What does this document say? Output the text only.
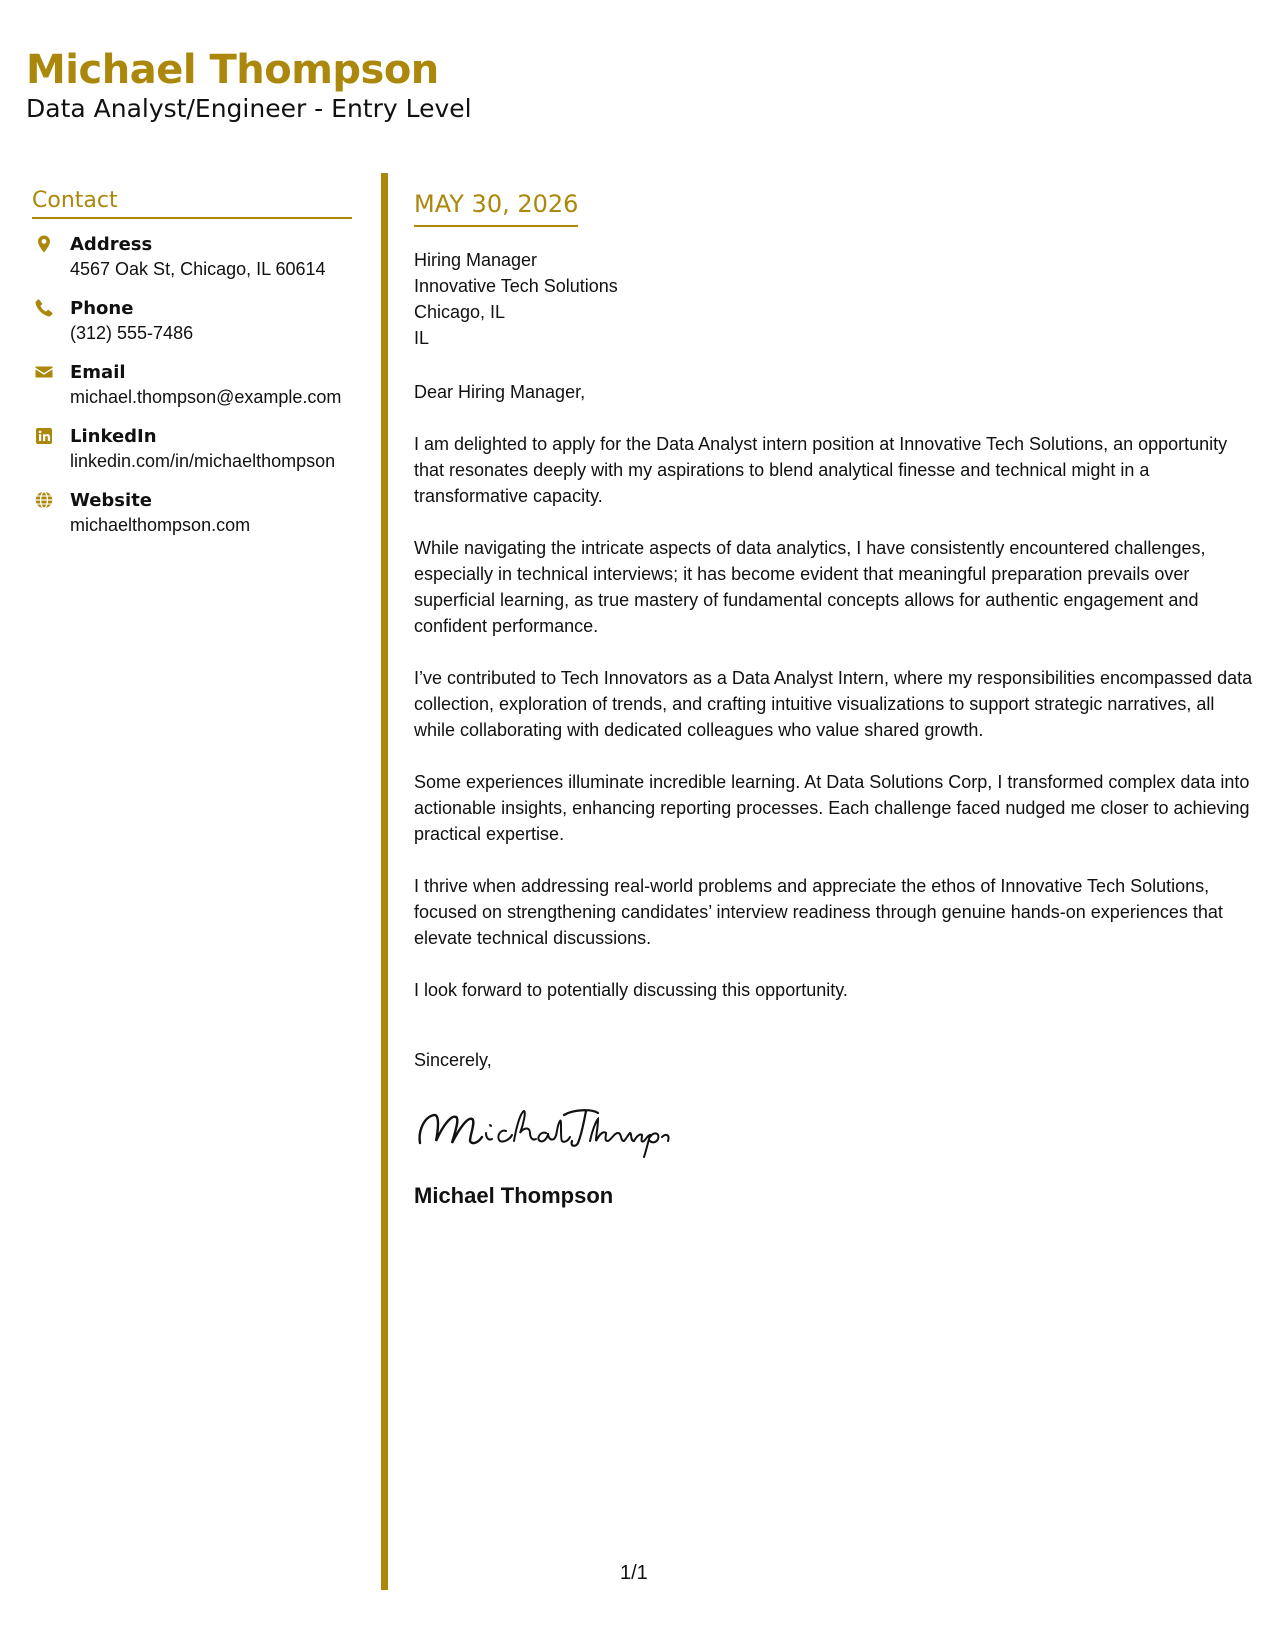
Michael Thompson
Data Analyst/Engineer - Entry Level
Contact
Address
4567 Oak St, Chicago, IL 60614
Phone
(312) 555-7486
Email
michael.thompson@example.com
LinkedIn
linkedin.com/in/michaelthompson
Website
michaelthompson.com
MAY 30, 2026
Hiring Manager
Innovative Tech Solutions
Chicago, IL
IL
Dear Hiring Manager,

I am delighted to apply for the Data Analyst intern position at Innovative Tech Solutions, an opportunity that resonates deeply with my aspirations to blend analytical finesse and technical might in a transformative capacity.

While navigating the intricate aspects of data analytics, I have consistently encountered challenges, especially in technical interviews; it has become evident that meaningful preparation prevails over superficial learning, as true mastery of fundamental concepts allows for authentic engagement and confident performance.

I’ve contributed to Tech Innovators as a Data Analyst Intern, where my responsibilities encompassed data collection, exploration of trends, and crafting intuitive visualizations to support strategic narratives, all while collaborating with dedicated colleagues who value shared growth.

Some experiences illuminate incredible learning. At Data Solutions Corp, I transformed complex data into actionable insights, enhancing reporting processes. Each challenge faced nudged me closer to achieving practical expertise.

I thrive when addressing real-world problems and appreciate the ethos of Innovative Tech Solutions, focused on strengthening candidates’ interview readiness through genuine hands-on experiences that elevate technical discussions.

I look forward to potentially discussing this opportunity.

Sincerely,
Michael Thompson
1/1
